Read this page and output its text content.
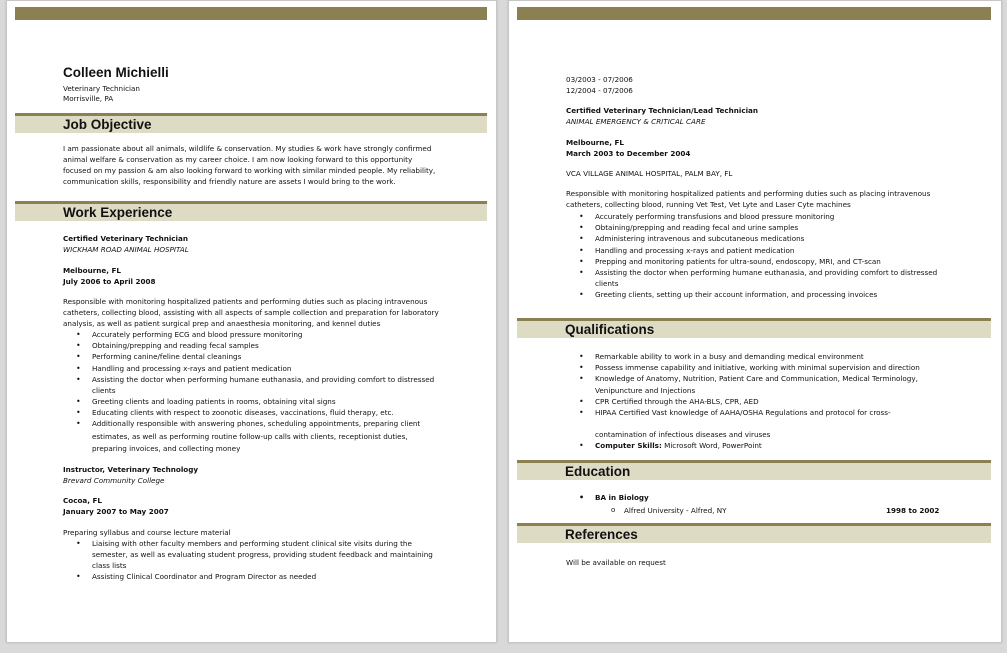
Colleen Michielli
Veterinary Technician
Morrisville, PA
Job Objective
I am passionate about all animals, wildlife & conservation. My studies & work have strongly confirmed
animal welfare & conservation as my career choice. I am now looking forward to this opportunity
focused on my passion & am also looking forward to working with similar minded people. My reliability,
communication skills, responsibility and friendly nature are assets I would bring to the work.
Work Experience
Certified Veterinary Technician
WICKHAM ROAD ANIMAL HOSPITAL
Melbourne, FL
July 2006 to April 2008
Responsible with monitoring hospitalized patients and performing duties such as placing intravenous
catheters, collecting blood, assisting with all aspects of sample collection and preparation for laboratory
analysis, as well as patient surgical prep and anaesthesia monitoring, and kennel duties
• Accurately performing ECG and blood pressure monitoring
• Obtaining/prepping and reading fecal samples
• Performing canine/feline dental cleanings
• Handling and processing x-rays and patient medication
• Assisting the doctor when performing humane euthanasia, and providing comfort to distressed
clients
• Greeting clients and loading patients in rooms, obtaining vital signs
• Educating clients with respect to zoonotic diseases, vaccinations, fluid therapy, etc.
• Additionally responsible with answering phones, scheduling appointments, preparing client
estimates, as well as performing routine follow-up calls with clients, receptionist duties,
preparing invoices, and collecting money
Instructor, Veterinary Technology
Brevard Community College
Cocoa, FL
January 2007 to May 2007
Preparing syllabus and course lecture material
• Liaising with other faculty members and performing student clinical site visits during the
semester, as well as evaluating student progress, providing student feedback and maintaining
class lists
• Assisting Clinical Coordinator and Program Director as needed
03/2003 - 07/2006
12/2004 - 07/2006
Certified Veterinary Technician/Lead Technician
ANIMAL EMERGENCY & CRITICAL CARE
Melbourne, FL
March 2003 to December 2004
VCA VILLAGE ANIMAL HOSPITAL, PALM BAY, FL
Responsible with monitoring hospitalized patients and performing duties such as placing intravenous
catheters, collecting blood, running Vet Test, Vet Lyte and Laser Cyte machines
• Accurately performing transfusions and blood pressure monitoring
• Obtaining/prepping and reading fecal and urine samples
• Administering intravenous and subcutaneous medications
• Handling and processing x-rays and patient medication
• Prepping and monitoring patients for ultra-sound, endoscopy, MRI, and CT-scan
• Assisting the doctor when performing humane euthanasia, and providing comfort to distressed
clients
• Greeting clients, setting up their account information, and processing invoices
Qualifications
• Remarkable ability to work in a busy and demanding medical environment
• Possess immense capability and initiative, working with minimal supervision and direction
• Knowledge of Anatomy, Nutrition, Patient Care and Communication, Medical Terminology,
Venipuncture and Injections
• CPR Certified through the AHA-BLS, CPR, AED
• HIPAA Certified Vast knowledge of AAHA/OSHA Regulations and protocol for cross-
contamination of infectious diseases and viruses
• Computer Skills: Microsoft Word, PowerPoint
Education
• BA in Biology
o Alfred University - Alfred, NY	1998 to 2002
References
Will be available on request
